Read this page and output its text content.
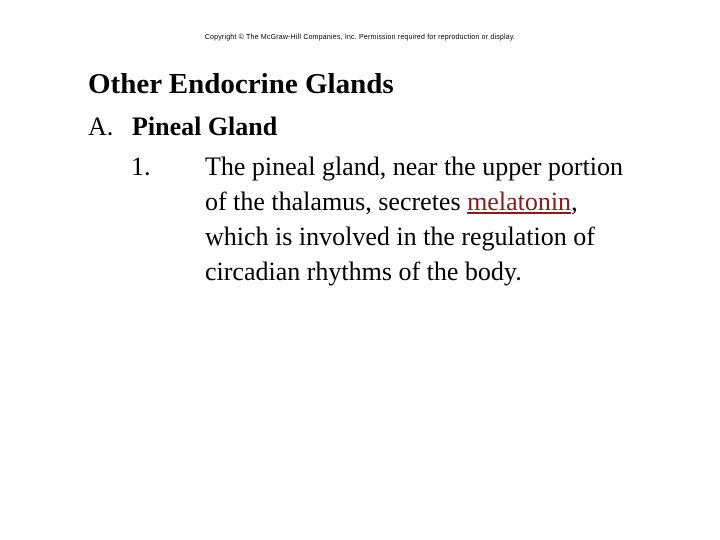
Copyright © The McGraw-Hill Companies, Inc. Permission required for reproduction or display.
Other Endocrine Glands
A. Pineal Gland
1. The pineal gland, near the upper portion
of the thalamus, secretes melatonin,
which is involved in the regulation of
circadian rhythms of the body.
